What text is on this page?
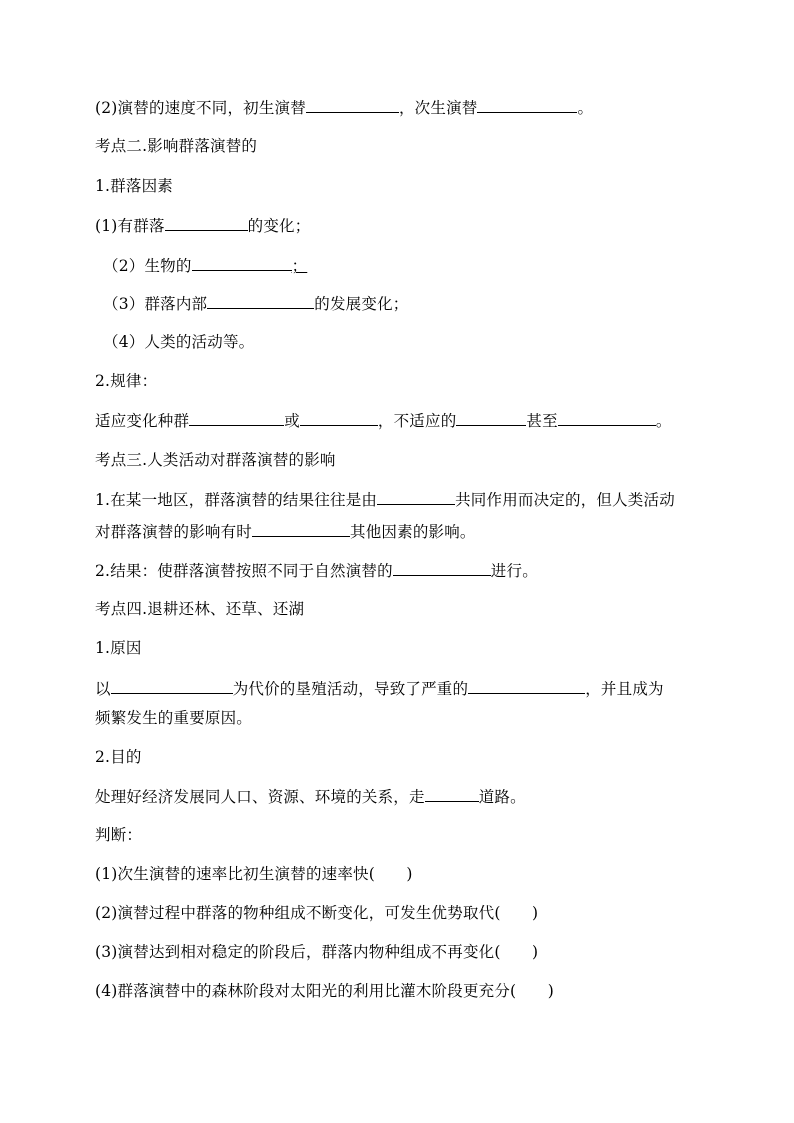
(2)演替的速度不同，初生演替	，次生演替	。
考点二.影响群落演替的
1.群落因素
(1)有群落	的变化；
（2）生物的	；
（3）群落内部	的发展变化；
（4）人类的活动等。
2.规律：
适应变化种群	或	，不适应的	甚至	。
考点三.人类活动对群落演替的影响
1.在某一地区，群落演替的结果往往是由	共同作用而决定的，但人类活动
对群落演替的影响有时	其他因素的影响。
2.结果：使群落演替按照不同于自然演替的	进行。
考点四.退耕还林、还草、还湖
1.原因
以	为代价的垦殖活动，导致了严重的	，并且成为
频繁发生的重要原因。
2.目的
处理好经济发展同人口、资源、环境的关系，走	道路。
判断：
(1)次生演替的速率比初生演替的速率快(　　)
(2)演替过程中群落的物种组成不断变化，可发生优势取代(　　)
(3)演替达到相对稳定的阶段后，群落内物种组成不再变化(　　)
(4)群落演替中的森林阶段对太阳光的利用比灌木阶段更充分(　　)
